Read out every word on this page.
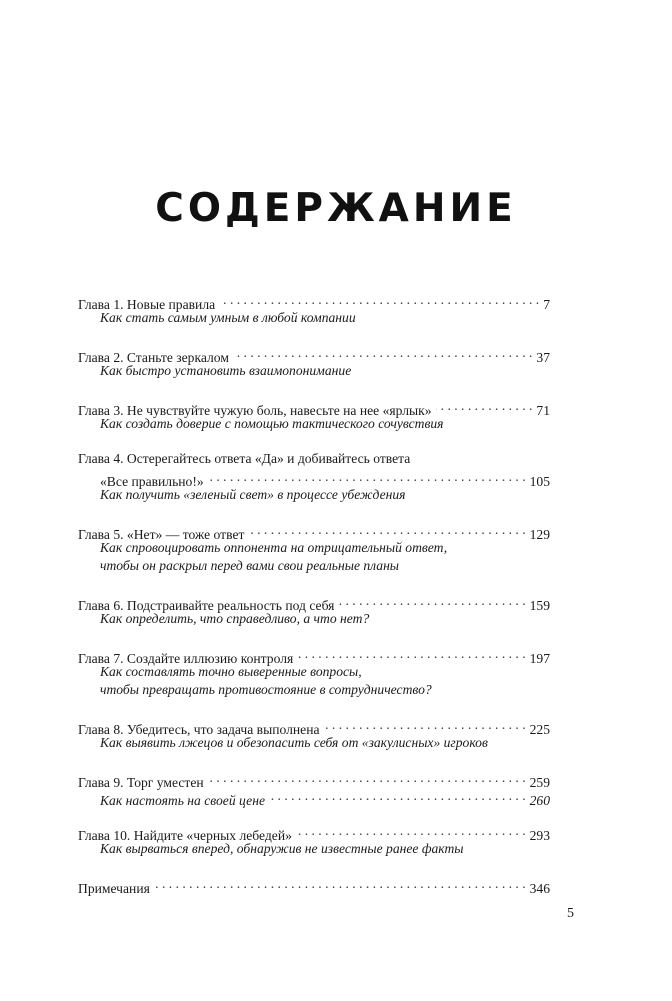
СОДЕРЖАНИЕ
Глава 1. Новые правила . . .	7
Как стать самым умным в любой компании
Глава 2. Станьте зеркалом . . .	37
Как быстро установить взаимопонимание
Глава 3. Не чувствуйте чужую боль, навесьте на нее «ярлык» . . .	71
Как создать доверие с помощью тактического сочувствия
Глава 4. Остерегайтесь ответа «Да» и добивайтесь ответа
«Все правильно!» . . .	105
Как получить «зеленый свет» в процессе убеждения
Глава 5. «Нет» — тоже ответ . . .	129
Как спровоцировать оппонента на отрицательный ответ,
чтобы он раскрыл перед вами свои реальные планы
Глава 6. Подстраивайте реальность под себя . . .	159
Как определить, что справедливо, а что нет?
Глава 7. Создайте иллюзию контроля . . .	197
Как составлять точно выверенные вопросы,
чтобы превращать противостояние в сотрудничество?
Глава 8. Убедитесь, что задача выполнена . . .	225
Как выявить лжецов и обезопасить себя от «закулисных» игроков
Глава 9. Торг уместен . . .	259
Как настоять на своей цене . . .	260
Глава 10. Найдите «черных лебедей» . . .	293
Как вырваться вперед, обнаружив не известные ранее факты
Примечания . . .	346
5
